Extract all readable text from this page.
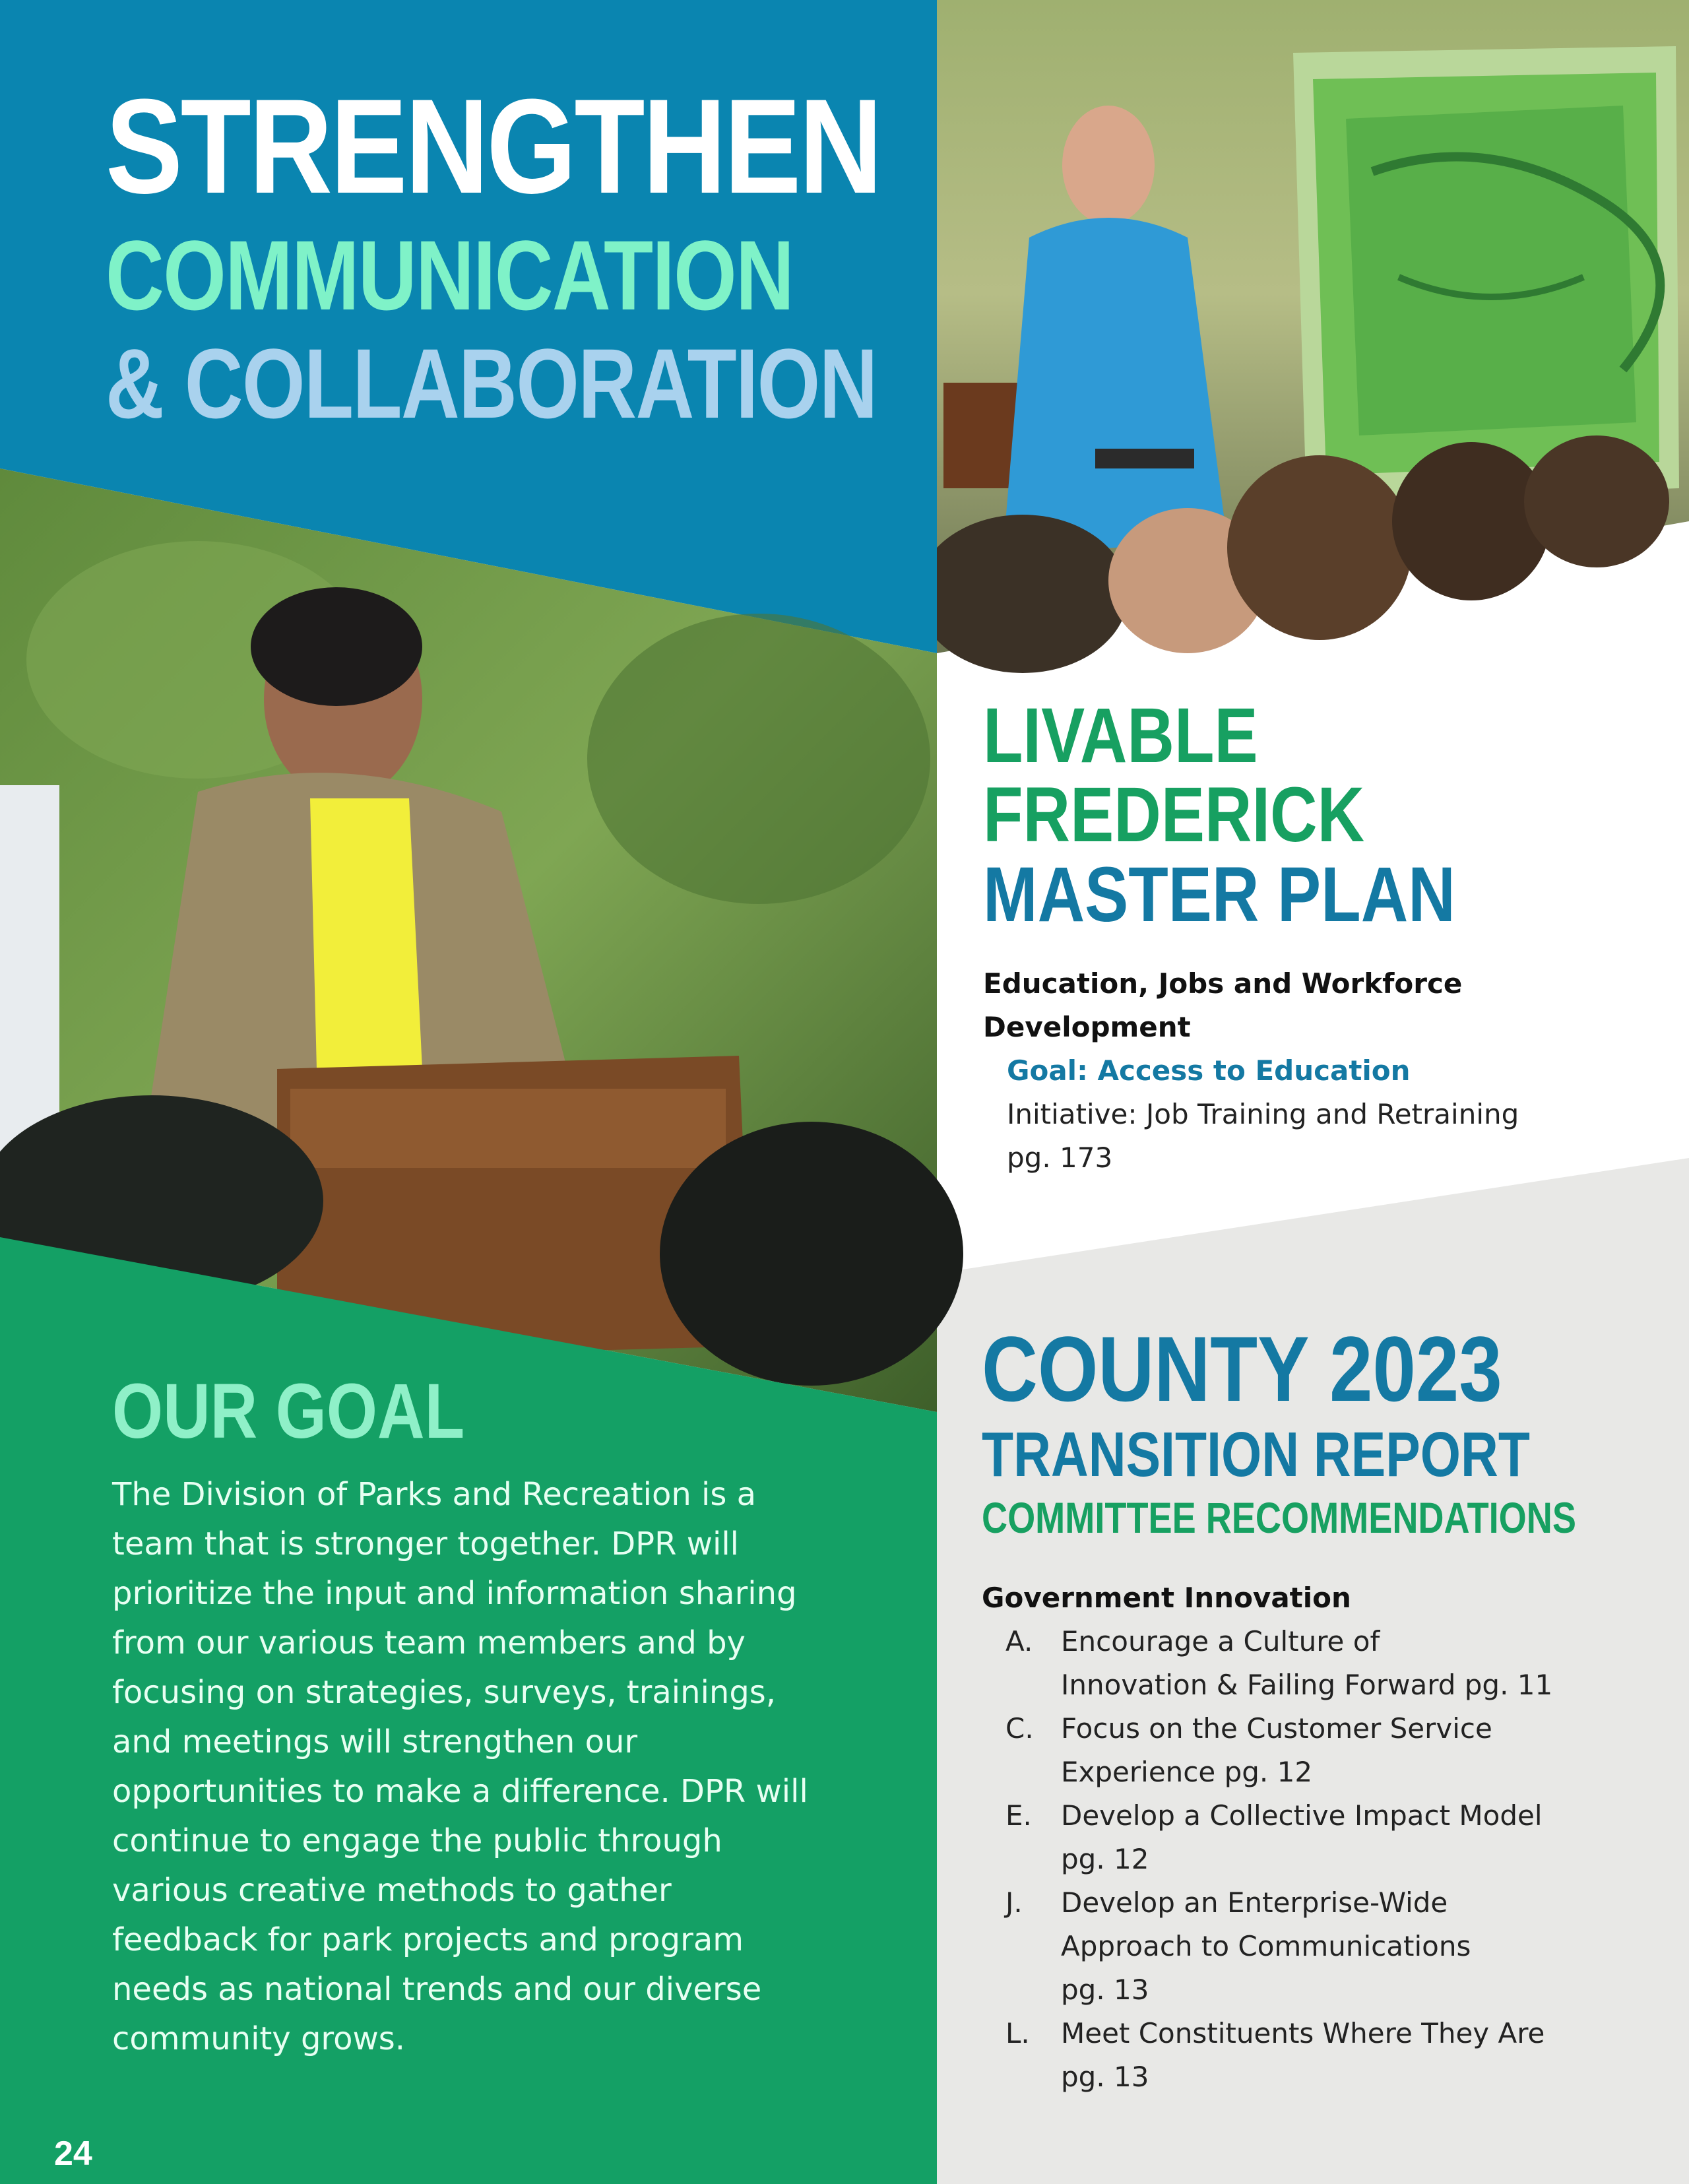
STRENGTHEN
COMMUNICATION
& COLLABORATION
LIVABLE
FREDERICK
MASTER PLAN
Education, Jobs and Workforce
Development
Goal: Access to Education
Initiative: Job Training and Retraining
pg. 173
COUNTY 2023
TRANSITION REPORT
COMMITTEE RECOMMENDATIONS
Government Innovation
A.	Encourage a Culture of
Innovation & Failing Forward pg. 11
C. Focus on the Customer Service
Experience pg. 12
E.	Develop a Collective Impact Model
pg. 12
J.	Develop an Enterprise-Wide
Approach to Communications
pg. 13
L.	Meet Constituents Where They Are
pg. 13
OUR GOAL
The Division of Parks and Recreation is a
team that is stronger together. DPR will
prioritize the input and information sharing
from our various team members and by
focusing on strategies, surveys, trainings,
and meetings will strengthen our
opportunities to make a difference. DPR will
continue to engage the public through
various creative methods to gather
feedback for park projects and program
needs as national trends and our diverse
community grows.
24
